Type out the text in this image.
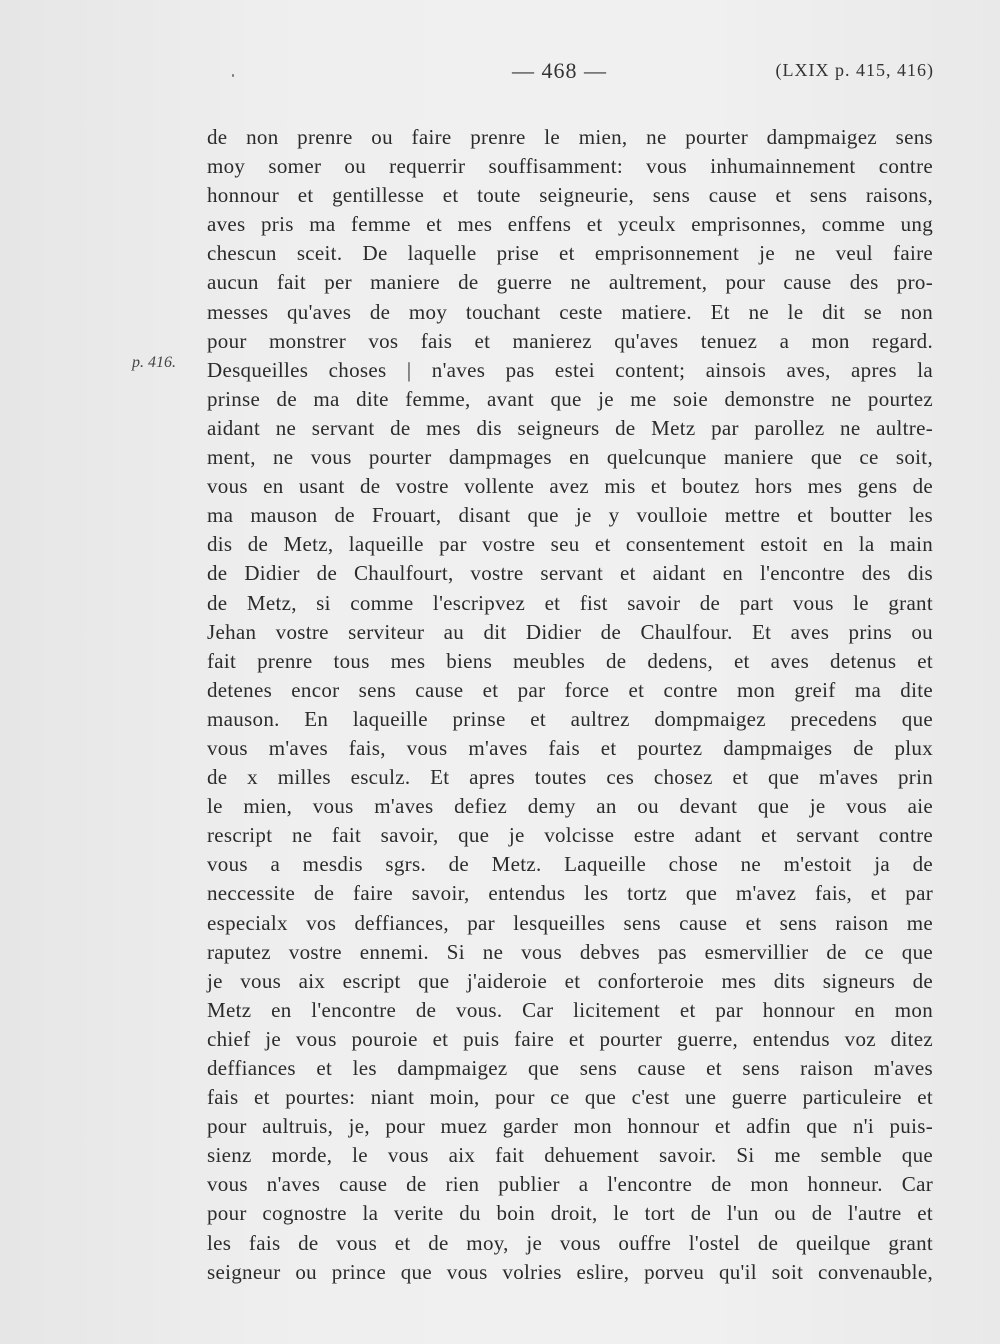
— 468 —	(LXIX p. 415, 416)
p. 416.
de non prenre ou faire prenre le mien, ne pourter dampmaigez sens
moy somer ou requerrir souffisamment: vous inhumainnement contre
honnour et gentillesse et toute seigneurie, sens cause et sens raisons,
aves pris ma femme et mes enffens et yceulx emprisonnes, comme ung
chescun sceit. De laquelle prise et emprisonnement je ne veul faire
aucun fait per maniere de guerre ne aultrement, pour cause des pro-
messes qu'aves de moy touchant ceste matiere. Et ne le dit se non
pour monstrer vos fais et manierez qu'aves tenuez a mon regard.
Desqueilles choses | n'aves pas estei content; ainsois aves, apres la
prinse de ma dite femme, avant que je me soie demonstre ne pourtez
aidant ne servant de mes dis seigneurs de Metz par parollez ne aultre-
ment, ne vous pourter dampmages en quelcunque maniere que ce soit,
vous en usant de vostre vollente avez mis et boutez hors mes gens de
ma mauson de Frouart, disant que je y voulloie mettre et boutter les
dis de Metz, laqueille par vostre seu et consentement estoit en la main
de Didier de Chaulfourt, vostre servant et aidant en l'encontre des dis
de Metz, si comme l'escripvez et fist savoir de part vous le grant
Jehan vostre serviteur au dit Didier de Chaulfour. Et aves prins ou
fait prenre tous mes biens meubles de dedens, et aves detenus et
detenes encor sens cause et par force et contre mon greif ma dite
mauson. En laqueille prinse et aultrez dompmaigez precedens que
vous m'aves fais, vous m'aves fais et pourtez dampmaiges de plux
de x milles esculz. Et apres toutes ces chosez et que m'aves prin
le mien, vous m'aves defiez demy an ou devant que je vous aie
rescript ne fait savoir, que je volcisse estre adant et servant contre
vous a mesdis sgrs. de Metz. Laqueille chose ne m'estoit ja de
neccessite de faire savoir, entendus les tortz que m'avez fais, et par
especialx vos deffiances, par lesqueilles sens cause et sens raison me
raputez vostre ennemi. Si ne vous debves pas esmervillier de ce que
je vous aix escript que j'aideroie et conforteroie mes dits signeurs de
Metz en l'encontre de vous. Car licitement et par honnour en mon
chief je vous pouroie et puis faire et pourter guerre, entendus voz ditez
deffiances et les dampmaigez que sens cause et sens raison m'aves
fais et pourtes: niant moin, pour ce que c'est une guerre particuleire et
pour aultruis, je, pour muez garder mon honnour et adfin que n'i puis-
sienz morde, le vous aix fait dehuement savoir. Si me semble que
vous n'aves cause de rien publier a l'encontre de mon honneur. Car
pour cognostre la verite du boin droit, le tort de l'un ou de l'autre et
les fais de vous et de moy, je vous ouffre l'ostel de queilque grant
seigneur ou prince que vous volries eslire, porveu qu'il soit convenauble,
